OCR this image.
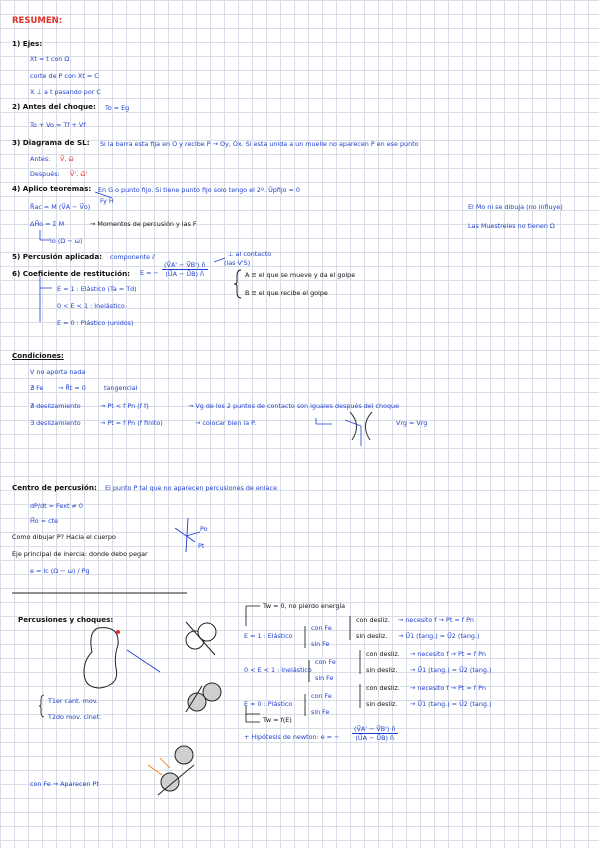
RESUMEN:
1) Ejes:
Xt = t con Ω
corte de P con Xt = C
X ⊥ a t pasando por C
2) Antes del choque: To = Eg
To + Vo = Tf + Vf
3) Diagrama de SL: Si la barra esta fija en O y recibe P → Oy, Ox. Si esta unida a un muelle no aparecen P en ese punto
Antes: V⃗, ω⃗
Después: V⃗', ω⃗'
4) Aplico teoremas: En G o punto fijo. Si tiene punto fijo solo tengo el 2º. Ūpfijo = 0
Fy H
R⃗ac = M (V⃗A − V⃗o)
ΔH⃗o = Σ M	→ Momentos de percusión y las F
Io (Ω − ω)
El Mo ni se dibuja (no influye)
Las Muestreles no tienen Ω
5) Percusión aplicada: componente ⫽	⊥ al contacto
(las V'S)
6) Coeficiente de restitución: E = − $\frac{(V⃗A' - V⃗B') n̂}{(U⃗A - U⃗B) n̂}$	A ≡ el que se mueve y da el golpe
B ≡ el que recibe el golpe
E = 1 : Elástico (Ta = Td)
0 < E < 1 : Inelástico
E = 0 : Plástico (unidos)
Condiciones:
V no aporta nada
∄ Fe → R⃗t = 0	tangencial
∄ deslizamiento	→ Pt < f Pn (f f)	→ Vg de los 2 puntos de contacto son iguales después del choque
∃ deslizamiento	→ Pt = f Pn (f finito)	→ colocar bien la P.	Vrg = Vrg
Centro de percusión: El punto P tal que no aparecen percusiones de enlace
dP/dt = Fext ≠ 0
H⃗o = cte
Como dibujar P? Hacia el cuerpo
Eje principal de inercia: donde debo pegar
e = Ic (Ω − ω) / Pg
Po
Pt
Percusiones y choques:
T1er cant. mov.
T2do mov. cinet.
con Fe → Aparecen Pt
Tw = 0, no pierdo energía
E = 1 : Elástico
con Fe
sin Fe
con desliz. → necesito f → Pt = f Pn
sin desliz. → U⃗1 (tang.) = U⃗2 (tang.)
0 < E < 1 : Inelástico
con Fe
sin Fe
con desliz. → necesito f → Pt = f Pn
sin desliz. → U⃗1 (tang.) = U⃗2 (tang.)
E = 0 : Plástico
con Fe
sin Fe
con desliz. → necesito f → Pt = f Pn
sin desliz. → U⃗1 (tang.) = U⃗2 (tang.)
Tw = f(E)
+ Hipótesis de newton: e = − $\frac{(V⃗A' - V⃗B') n̂}{(U⃗A - U⃗B) n̂}$
